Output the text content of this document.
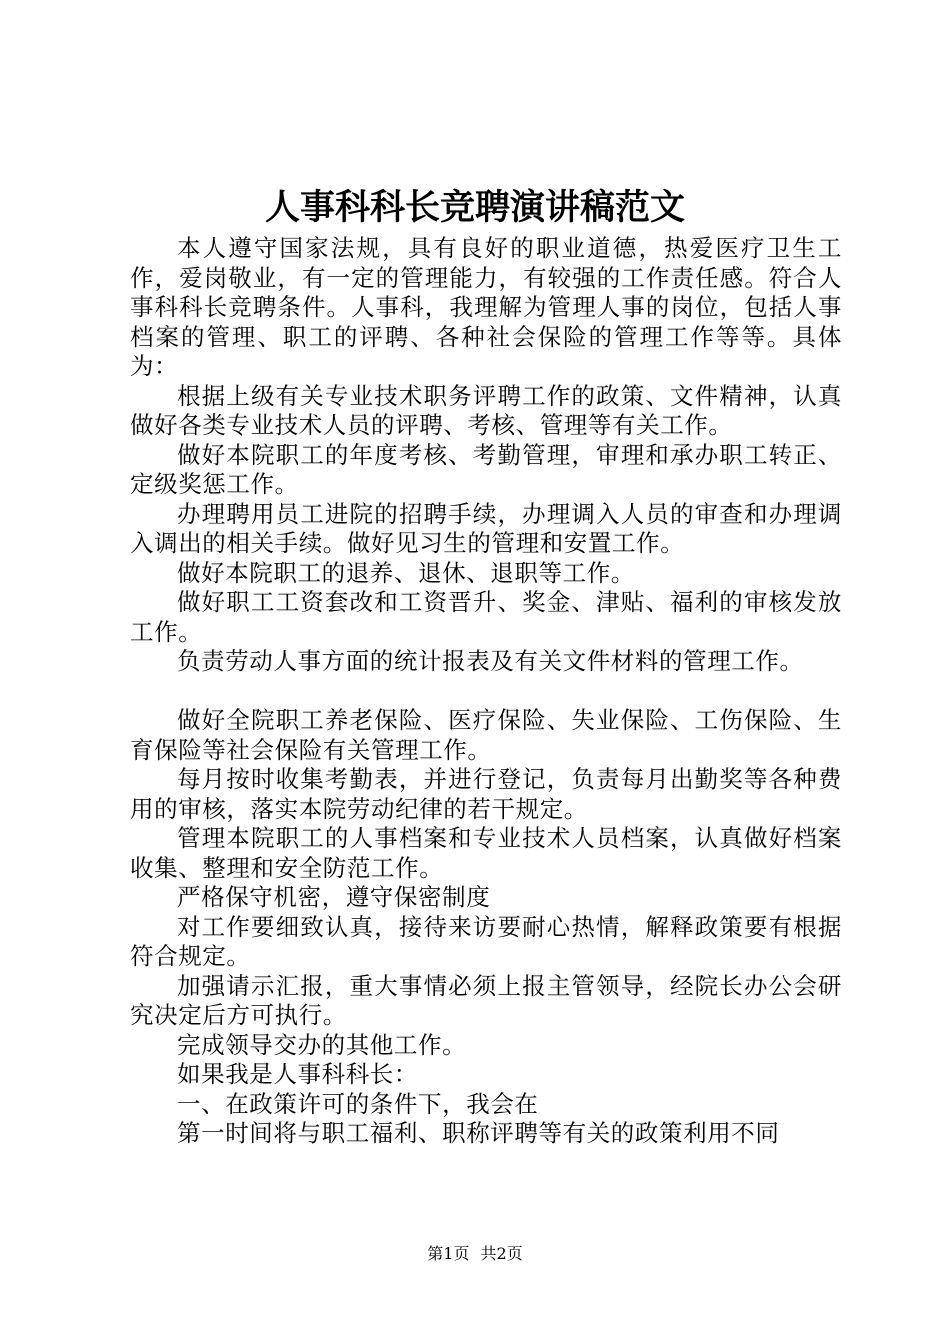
人事科科长竞聘演讲稿范文

本人遵守国家法规，具有良好的职业道德，热爱医疗卫生工作，爱岗敬业，有一定的管理能力，有较强的工作责任感。符合人事科科长竞聘条件。人事科，我理解为管理人事的岗位，包括人事档案的管理、职工的评聘、各种社会保险的管理工作等等。具体为：

根据上级有关专业技术职务评聘工作的政策、文件精神，认真做好各类专业技术人员的评聘、考核、管理等有关工作。

做好本院职工的年度考核、考勤管理，审理和承办职工转正、定级奖惩工作。

办理聘用员工进院的招聘手续，办理调入人员的审查和办理调入调出的相关手续。做好见习生的管理和安置工作。

做好本院职工的退养、退休、退职等工作。

做好职工工资套改和工资晋升、奖金、津贴、福利的审核发放工作。

负责劳动人事方面的统计报表及有关文件材料的管理工作。

做好全院职工养老保险、医疗保险、失业保险、工伤保险、生育保险等社会保险有关管理工作。

每月按时收集考勤表，并进行登记，负责每月出勤奖等各种费用的审核，落实本院劳动纪律的若干规定。

管理本院职工的人事档案和专业技术人员档案，认真做好档案收集、整理和安全防范工作。

严格保守机密，遵守保密制度

对工作要细致认真，接待来访要耐心热情，解释政策要有根据符合规定。

加强请示汇报，重大事情必须上报主管领导，经院长办公会研究决定后方可执行。

完成领导交办的其他工作。

如果我是人事科科长：

一、在政策许可的条件下，我会在

第一时间将与职工福利、职称评聘等有关的政策利用不同

第1页 共2页
